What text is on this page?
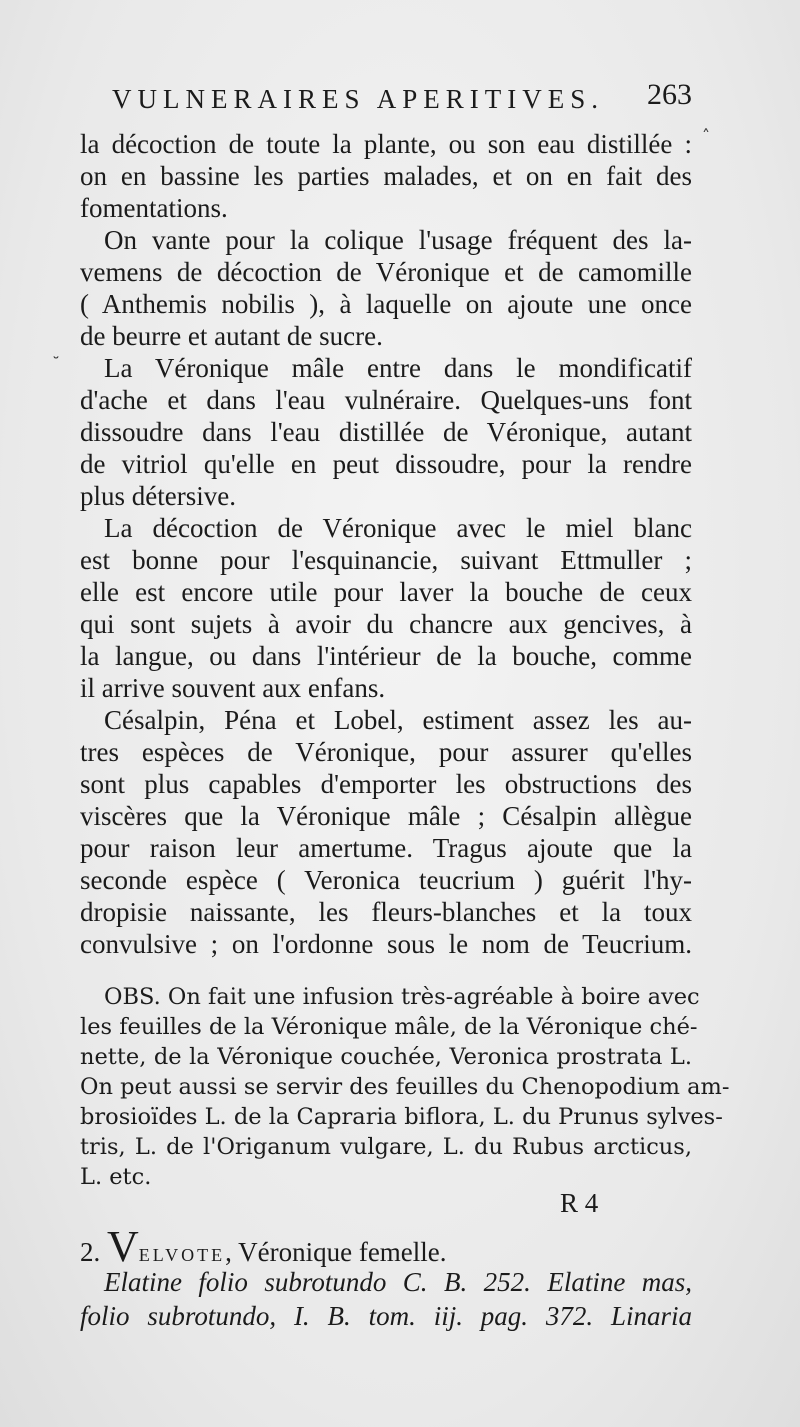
VULNERAIRES APERITIVES. 263
˄
˘
la décoction de toute la plante, ou son eau distillée :
on en bassine les parties malades, et on en fait des
fomentations.
On vante pour la colique l'usage fréquent des la-
vemens de décoction de Véronique et de camomille
( Anthemis nobilis ), à laquelle on ajoute une once
de beurre et autant de sucre.
La Véronique mâle entre dans le mondificatif
d'ache et dans l'eau vulnéraire. Quelques-uns font
dissoudre dans l'eau distillée de Véronique, autant
de vitriol qu'elle en peut dissoudre, pour la rendre
plus détersive.
La décoction de Véronique avec le miel blanc
est bonne pour l'esquinancie, suivant Ettmuller ;
elle est encore utile pour laver la bouche de ceux
qui sont sujets à avoir du chancre aux gencives, à
la langue, ou dans l'intérieur de la bouche, comme
il arrive souvent aux enfans.
Césalpin, Péna et Lobel, estiment assez les au-
tres espèces de Véronique, pour assurer qu'elles
sont plus capables d'emporter les obstructions des
viscères que la Véronique mâle ; Césalpin allègue
pour raison leur amertume. Tragus ajoute que la
seconde espèce ( Veronica teucrium ) guérit l'hy-
dropisie naissante, les fleurs-blanches et la toux
convulsive ; on l'ordonne sous le nom de Teucrium.
OBS. On fait une infusion très-agréable à boire avec
les feuilles de la Véronique mâle, de la Véronique ché-
nette, de la Véronique couchée, Veronica prostrata L.
On peut aussi se servir des feuilles du Chenopodium am-
brosioïdes L. de la Capraria biflora, L. du Prunus sylves-
tris, L. de l'Origanum vulgare, L. du Rubus arcticus,
L. etc.
2. VELVOTE, Véronique femelle.
Elatine folio subrotundo C. B. 252. Elatine mas,
folio subrotundo, I. B. tom. iij. pag. 372. Linaria
R 4
